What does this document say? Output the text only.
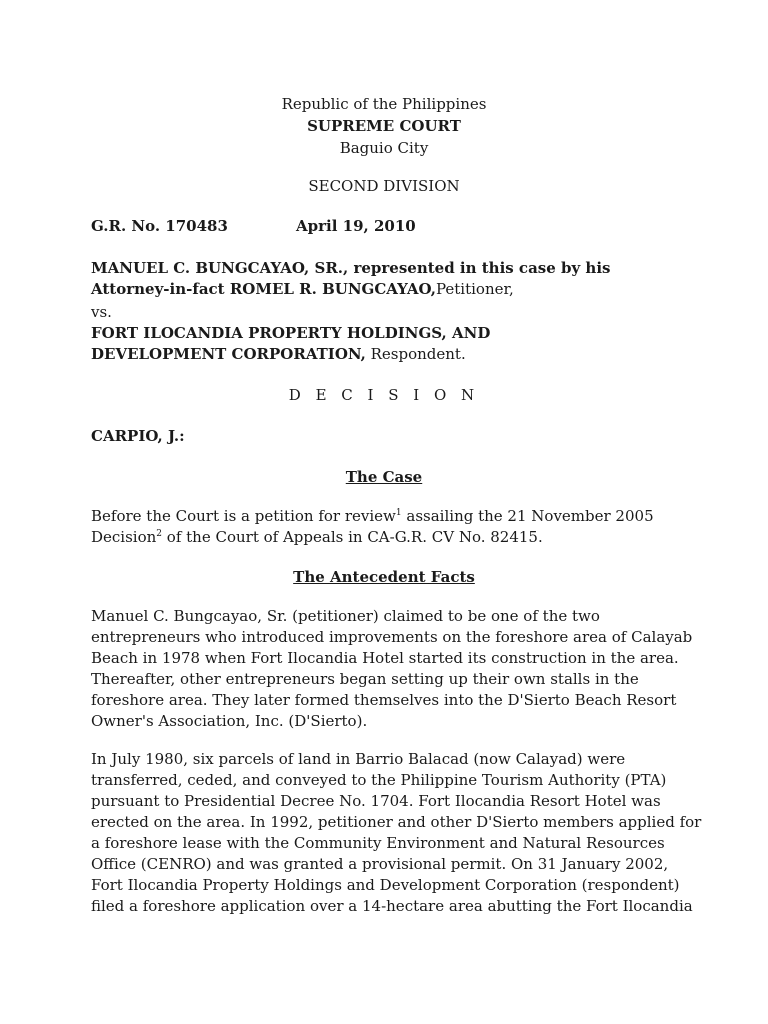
Republic of the Philippines

SUPREME COURT

Baguio City

SECOND DIVISION

G.R. No. 170483	April 19, 2010

MANUEL C. BUNGCAYAO, SR., represented in this case by his Attorney-in-fact ROMEL R. BUNGCAYAO,Petitioner,

vs.

FORT ILOCANDIA PROPERTY HOLDINGS, AND DEVELOPMENT CORPORATION, Respondent.

D E C I S I O N

CARPIO, J.:

The Case

Before the Court is a petition for review$^1$ assailing the 21 November 2005
Decision$^2$ of the Court of Appeals in CA-G.R. CV No. 82415.

The Antecedent Facts

Manuel C. Bungcayao, Sr. (petitioner) claimed to be one of the two

entrepreneurs who introduced improvements on the foreshore area of Calayab

Beach in 1978 when Fort Ilocandia Hotel started its construction in the area.

Thereafter, other entrepreneurs began setting up their own stalls in the

foreshore area. They later formed themselves into the D'Sierto Beach Resort

Owner's Association, Inc. (D'Sierto).

In July 1980, six parcels of land in Barrio Balacad (now Calayad) were

transferred, ceded, and conveyed to the Philippine Tourism Authority (PTA)

pursuant to Presidential Decree No. 1704. Fort Ilocandia Resort Hotel was

erected on the area. In 1992, petitioner and other D'Sierto members applied for

a foreshore lease with the Community Environment and Natural Resources

Office (CENRO) and was granted a provisional permit. On 31 January 2002,

Fort Ilocandia Property Holdings and Development Corporation (respondent)

filed a foreshore application over a 14-hectare area abutting the Fort Ilocandia
